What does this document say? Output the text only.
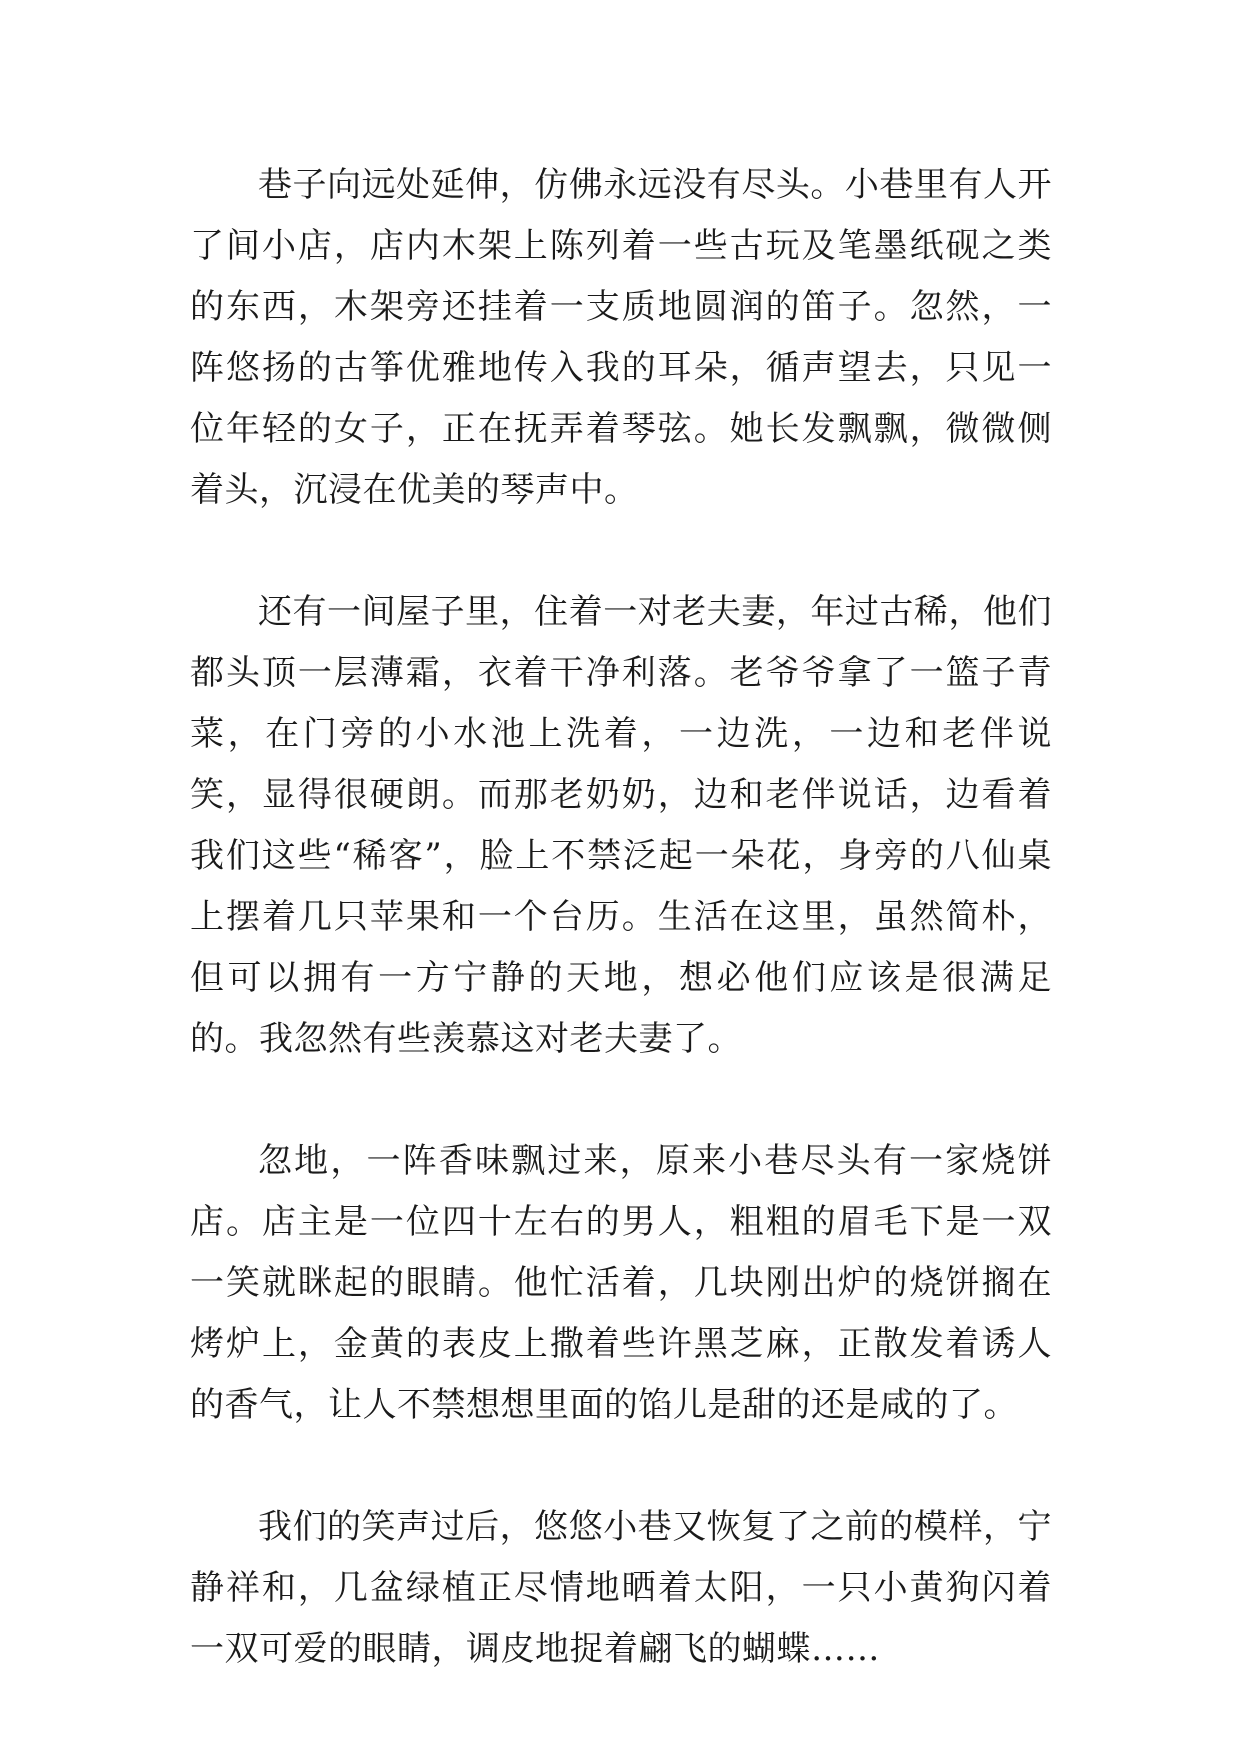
巷子向远处延伸，仿佛永远没有尽头。小巷里有人开了间小店，店内木架上陈列着一些古玩及笔墨纸砚之类的东西，木架旁还挂着一支质地圆润的笛子。忽然，一阵悠扬的古筝优雅地传入我的耳朵，循声望去，只见一位年轻的女子，正在抚弄着琴弦。她长发飘飘，微微侧着头，沉浸在优美的琴声中。

还有一间屋子里，住着一对老夫妻，年过古稀，他们都头顶一层薄霜，衣着干净利落。老爷爷拿了一篮子青菜，在门旁的小水池上洗着，一边洗，一边和老伴说笑，显得很硬朗。而那老奶奶，边和老伴说话，边看着我们这些“稀客”，脸上不禁泛起一朵花，身旁的八仙桌上摆着几只苹果和一个台历。生活在这里，虽然简朴，但可以拥有一方宁静的天地，想必他们应该是很满足的。我忽然有些羡慕这对老夫妻了。

忽地，一阵香味飘过来，原来小巷尽头有一家烧饼店。店主是一位四十左右的男人，粗粗的眉毛下是一双一笑就眯起的眼睛。他忙活着，几块刚出炉的烧饼搁在烤炉上，金黄的表皮上撒着些许黑芝麻，正散发着诱人的香气，让人不禁想想里面的馅儿是甜的还是咸的了。

我们的笑声过后，悠悠小巷又恢复了之前的模样，宁静祥和，几盆绿植正尽情地晒着太阳，一只小黄狗闪着一双可爱的眼睛，调皮地捉着翩飞的蝴蝶……
